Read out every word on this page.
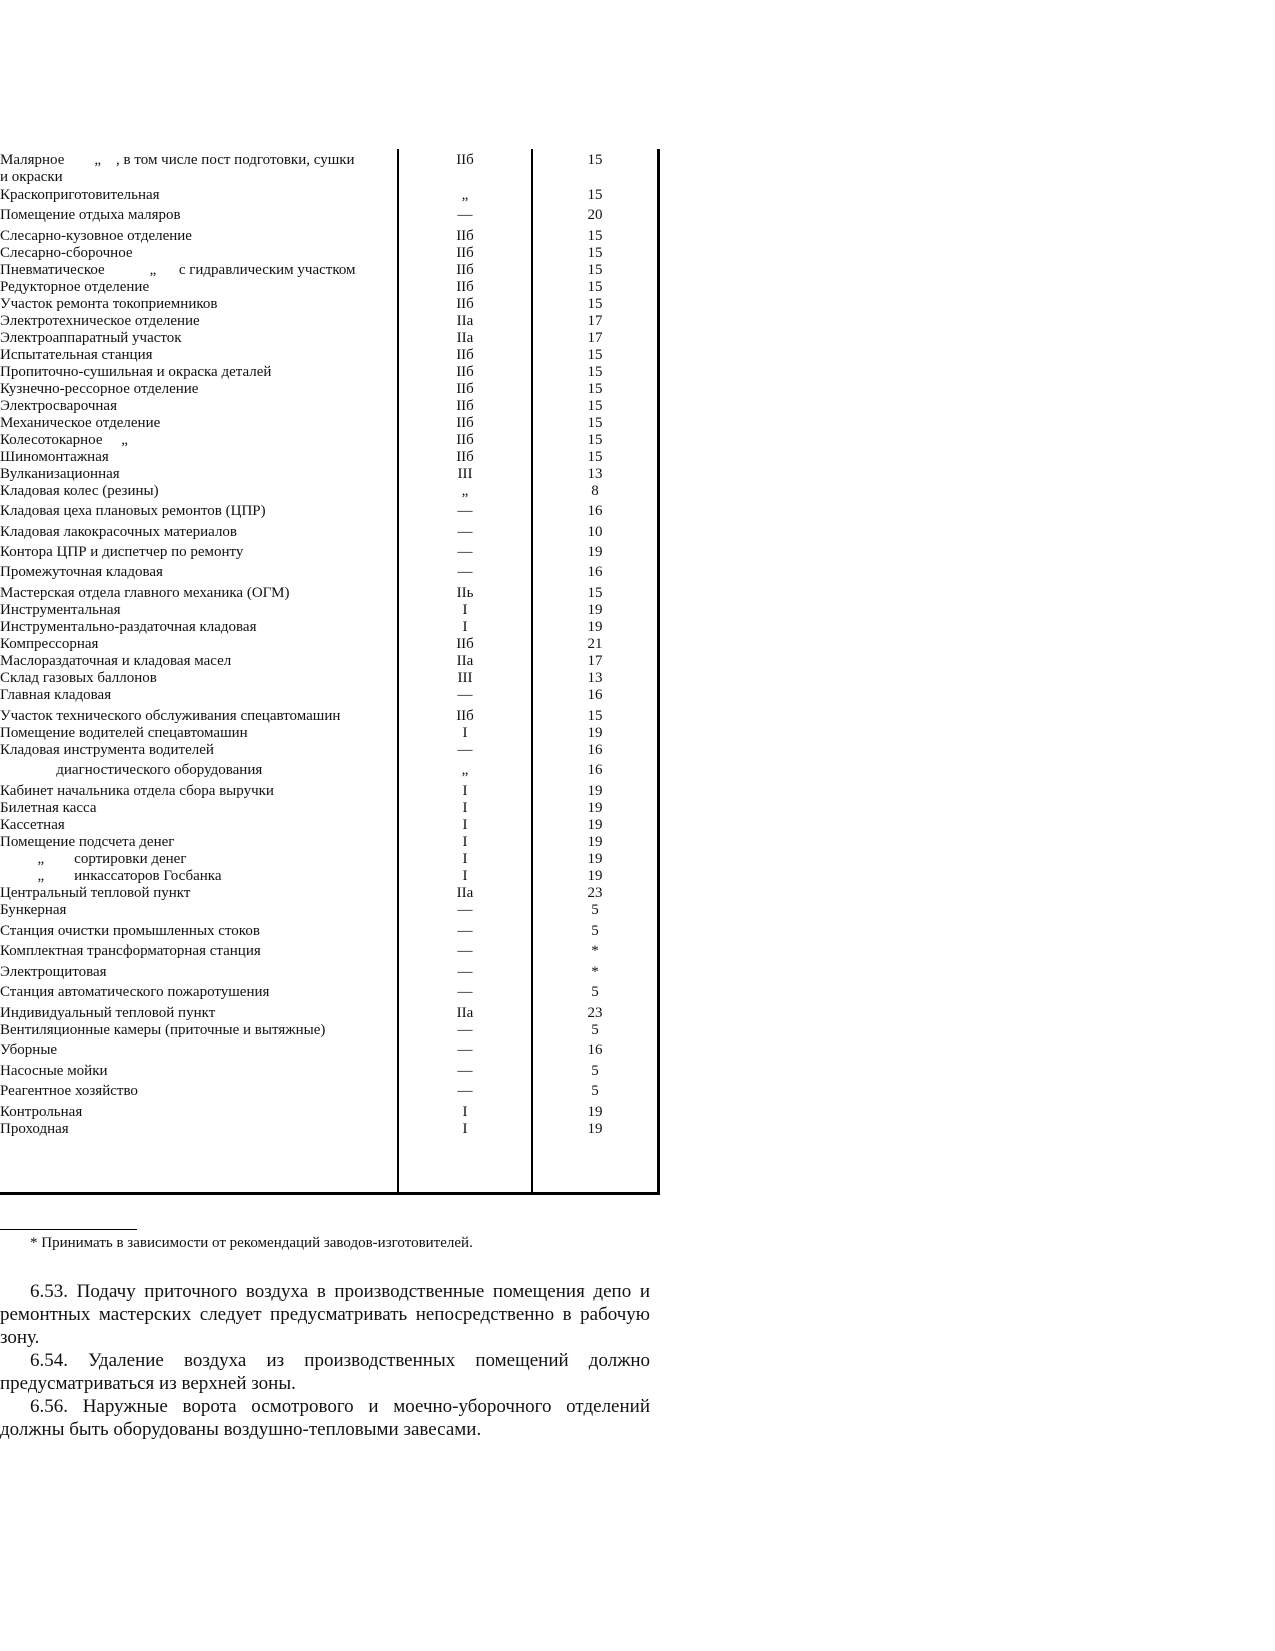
Малярное        „    , в том числе пост подготовки, сушки	IIб	15
и окраски
Краскоприготовительная	„	15
Помещение отдыха маляров	—	20
Слесарно-кузовное отделение	IIб	15
Слесарно-сборочное	IIб	15
Пневматическое            „      с гидравлическим участком	IIб	15
Редукторное отделение	IIб	15
Участок ремонта токоприемников	IIб	15
Электротехническое отделение	IIа	17
Электроаппаратный участок	IIа	17
Испытательная станция	IIб	15
Пропиточно-сушильная и окраска деталей	IIб	15
Кузнечно-рессорное отделение	IIб	15
Электросварочная	IIб	15
Механическое отделение	IIб	15
Колесотокарное     „	IIб	15
Шиномонтажная	IIб	15
Вулканизационная	III	13
Кладовая колес (резины)	„	8
Кладовая цеха плановых ремонтов (ЦПР)	—	16
Кладовая лакокрасочных материалов	—	10
Контора ЦПР и диспетчер по ремонту	—	19
Промежуточная кладовая	—	16
Мастерская отдела главного механика (ОГМ)	IIь	15
Инструментальная	I	19
Инструментально-раздаточная кладовая	I	19
Компрессорная	IIб	21
Маслораздаточная и кладовая масел	IIа	17
Склад газовых баллонов	III	13
Главная кладовая	—	16
Участок технического обслуживания спецавтомашин	IIб	15
Помещение водителей спецавтомашин	I	19
Кладовая инструмента водителей	—	16
диагностического оборудования	„	16
Кабинет начальника отдела сбора выручки	I	19
Билетная касса	I	19
Кассетная	I	19
Помещение подсчета денег	I	19
„        сортировки денег	I	19
„        инкассаторов Госбанка	I	19
Центральный тепловой пункт	IIа	23
Бункерная	—	5
Станция очистки промышленных стоков	—	5
Комплектная трансформаторная станция	—	*
Электрощитовая	—	*
Станция автоматического пожаротушения	—	5
Индивидуальный тепловой пункт	IIа	23
Вентиляционные камеры (приточные и вытяжные)	—	5
Уборные	—	16
Насосные мойки	—	5
Реагентное хозяйство	—	5
Контрольная	I	19
Проходная	I	19
* Принимать в зависимости от рекомендаций заводов-изготовителей.
6.53. Подачу приточного воздуха в производственные помещения депо и ремонтных мастерских следует предусматривать непосредственно в рабочую зону.
6.54. Удаление воздуха из производственных помещений должно предусматриваться из верхней зоны.
6.56. Наружные ворота осмотрового и моечно-уборочного отделений должны быть оборудованы воздушно-тепловыми завесами.
